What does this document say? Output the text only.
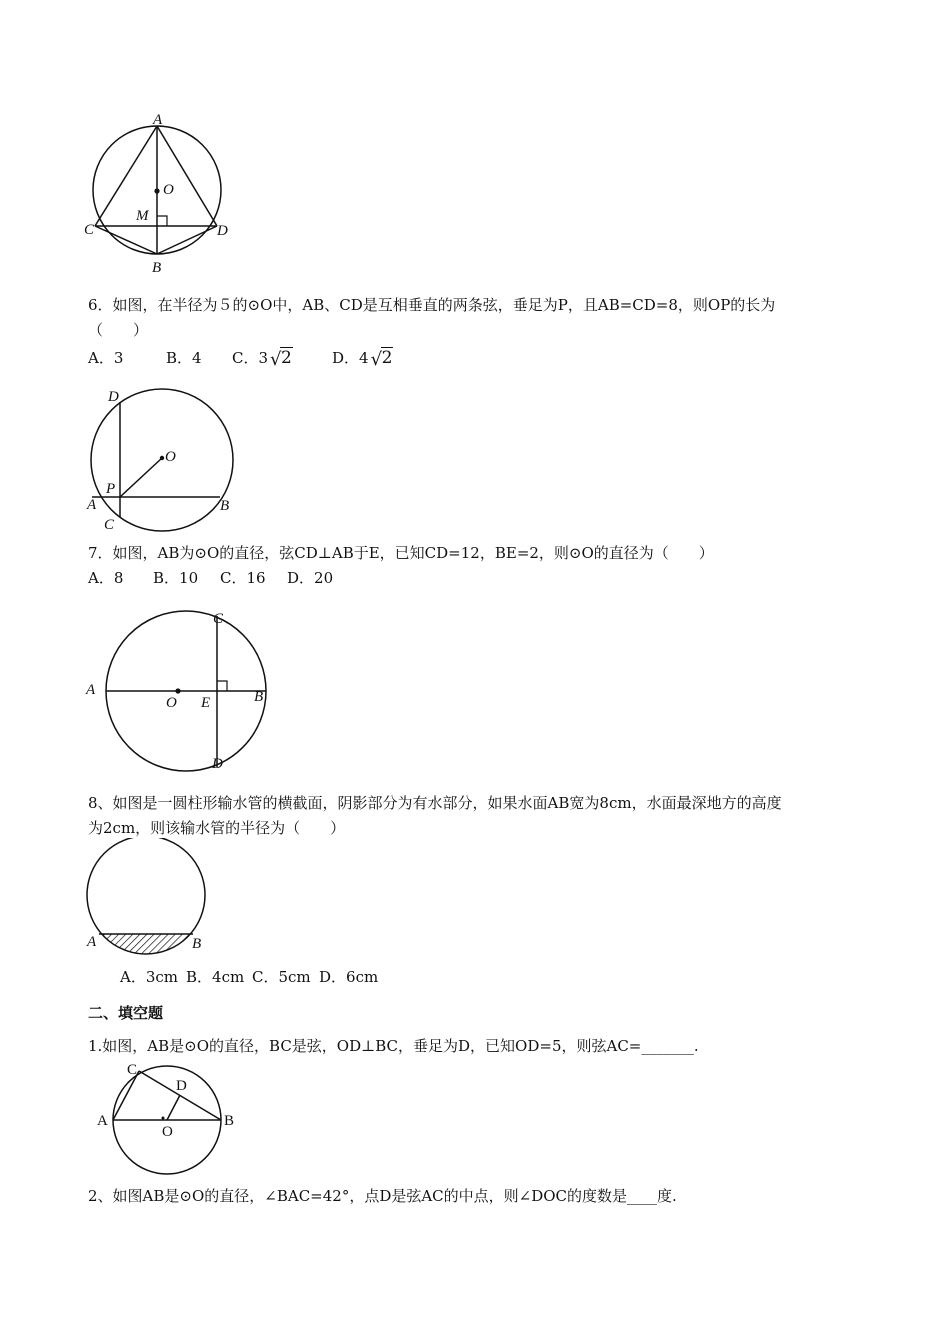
A
O
M
C	D
B
6．如图，在半径为５的⊙O中，AB、CD是互相垂直的两条弦，垂足为P，且AB=CD=8，则OP的长为
（　　）
A．3	B．4 C．3 √ 2	D．4 √ 2
D
O
A
P
B
C
7．如图，AB为⊙O的直径，弦CD⊥AB于E，已知CD=12，BE=2，则⊙O的直径为（　　）
A．8 B．10 C．16 D．20
C
A
O E	B
D
8、如图是一圆柱形输水管的横截面，阴影部分为有水部分，如果水面AB宽为8cm，水面最深地方的高度
为2cm，则该输水管的半径为（　　）
A	B
A．3cm B．4cm C．5cm D．6cm
二、填空题
1.如图，AB是⊙O的直径，BC是弦，OD⊥BC，垂足为D，已知OD=5，则弦AC=_______.
C
D
A
O
B
2、如图AB是⊙O的直径，∠BAC=42°，点D是弦AC的中点，则∠DOC的度数是____度.
